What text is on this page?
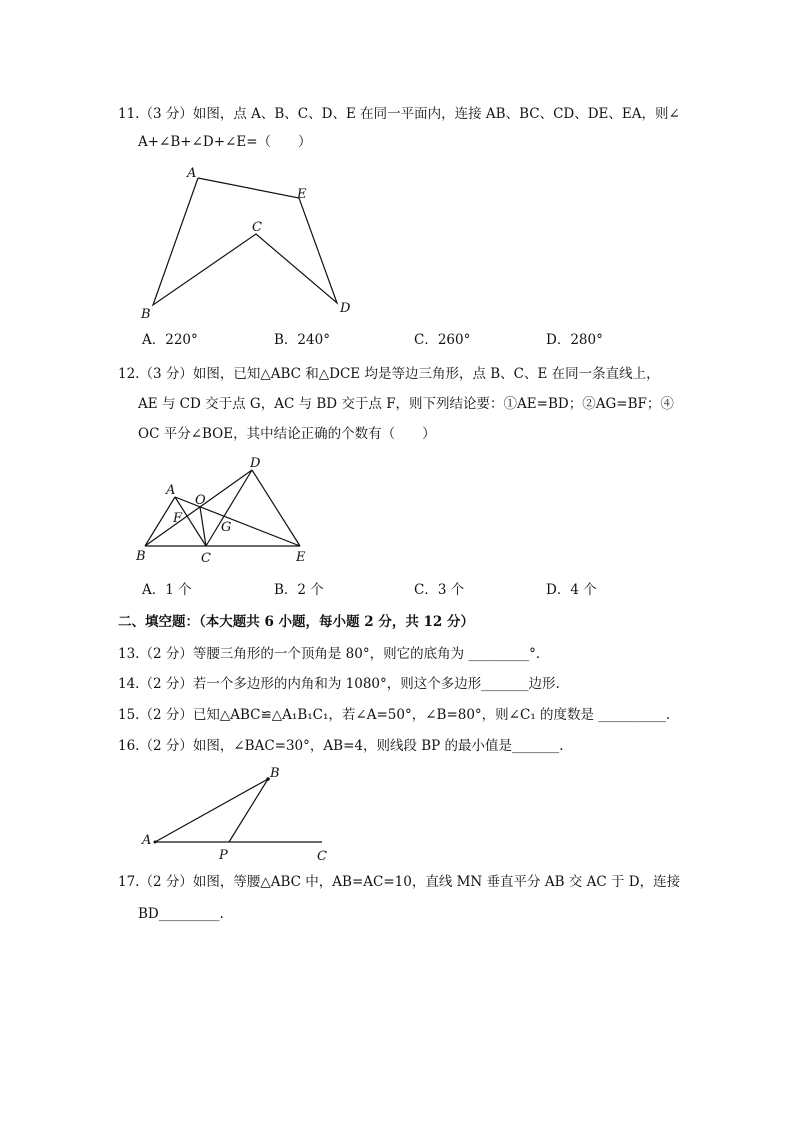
11.（3 分）如图，点 A、B、C、D、E 在同一平面内，连接 AB、BC、CD、DE、EA，则∠
A+∠B+∠D+∠E=（　　）
A
E
C
B	D
A．220°	B．240°	C．260°	D．280°
12.（3 分）如图，已知△ABC 和△DCE 均是等边三角形，点 B、C、E 在同一条直线上，
AE 与 CD 交于点 G，AC 与 BD 交于点 F，则下列结论要：①AE=BD；②AG=BF；④
OC 平分∠BOE，其中结论正确的个数有（　　）
D
A
O
F
G
B	C	E
A．1 个	B．2 个	C．3 个	D．4 个
二、填空题：（本大题共 6 小题，每小题 2 分，共 12 分）
13.（2 分）等腰三角形的一个顶角是 80°，则它的底角为 _________°．
14.（2 分）若一个多边形的内角和为 1080°，则这个多边形_______边形.
15.（2 分）已知△ABC≌△A₁B₁C₁，若∠A=50°，∠B=80°，则∠C₁ 的度数是 __________.
16.（2 分）如图，∠BAC=30°，AB=4，则线段 BP 的最小值是_______.
B
A
P	C
17.（2 分）如图，等腰△ABC 中，AB=AC=10，直线 MN 垂直平分 AB 交 AC 于 D，连接
BD_________.
